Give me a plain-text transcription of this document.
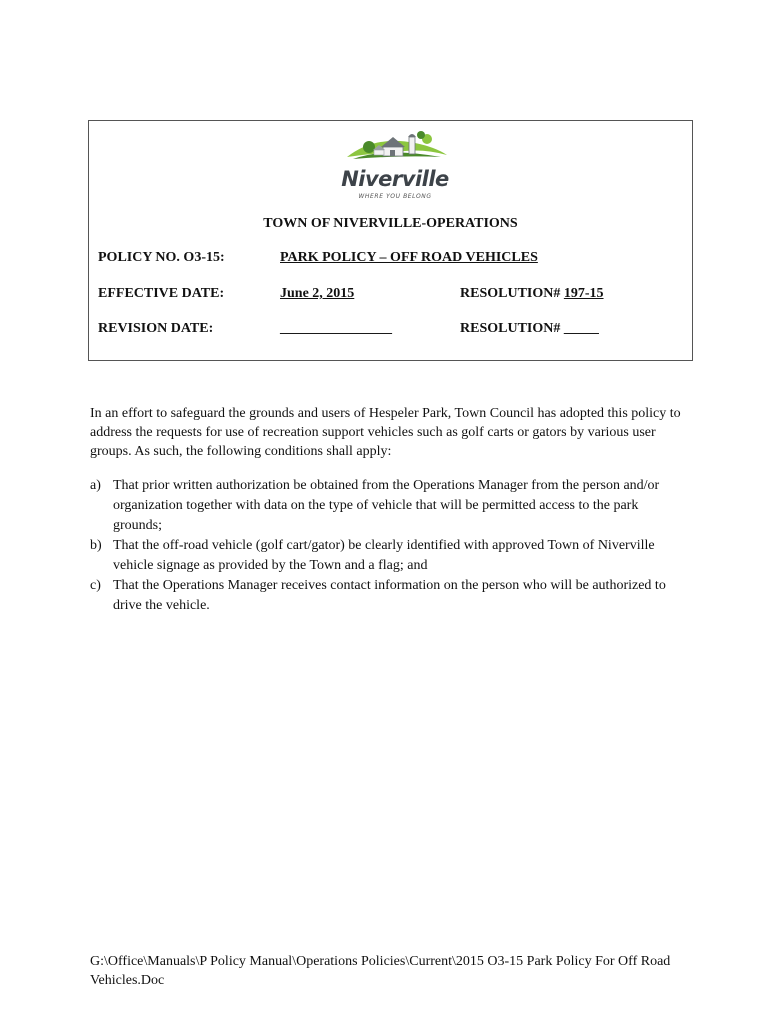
Niverville
WHERE YOU BELONG
TOWN OF NIVERVILLE-OPERATIONS
POLICY NO. O3-15:	PARK POLICY – OFF ROAD VEHICLES
EFFECTIVE DATE:	June 2, 2015	RESOLUTION# 197-15
REVISION DATE:	________________	RESOLUTION# _____

In an effort to safeguard the grounds and users of Hespeler Park, Town Council has adopted this policy to address the requests for use of recreation support vehicles such as golf carts or gators by various user groups. As such, the following conditions shall apply:

a) That prior written authorization be obtained from the Operations Manager from the person and/or organization together with data on the type of vehicle that will be permitted access to the park grounds;
b) That the off-road vehicle (golf cart/gator) be clearly identified with approved Town of Niverville vehicle signage as provided by the Town and a flag; and
c) That the Operations Manager receives contact information on the person who will be authorized to drive the vehicle.

G:\Office\Manuals\P Policy Manual\Operations Policies\Current\2015 O3-15 Park Policy For Off Road Vehicles.Doc
